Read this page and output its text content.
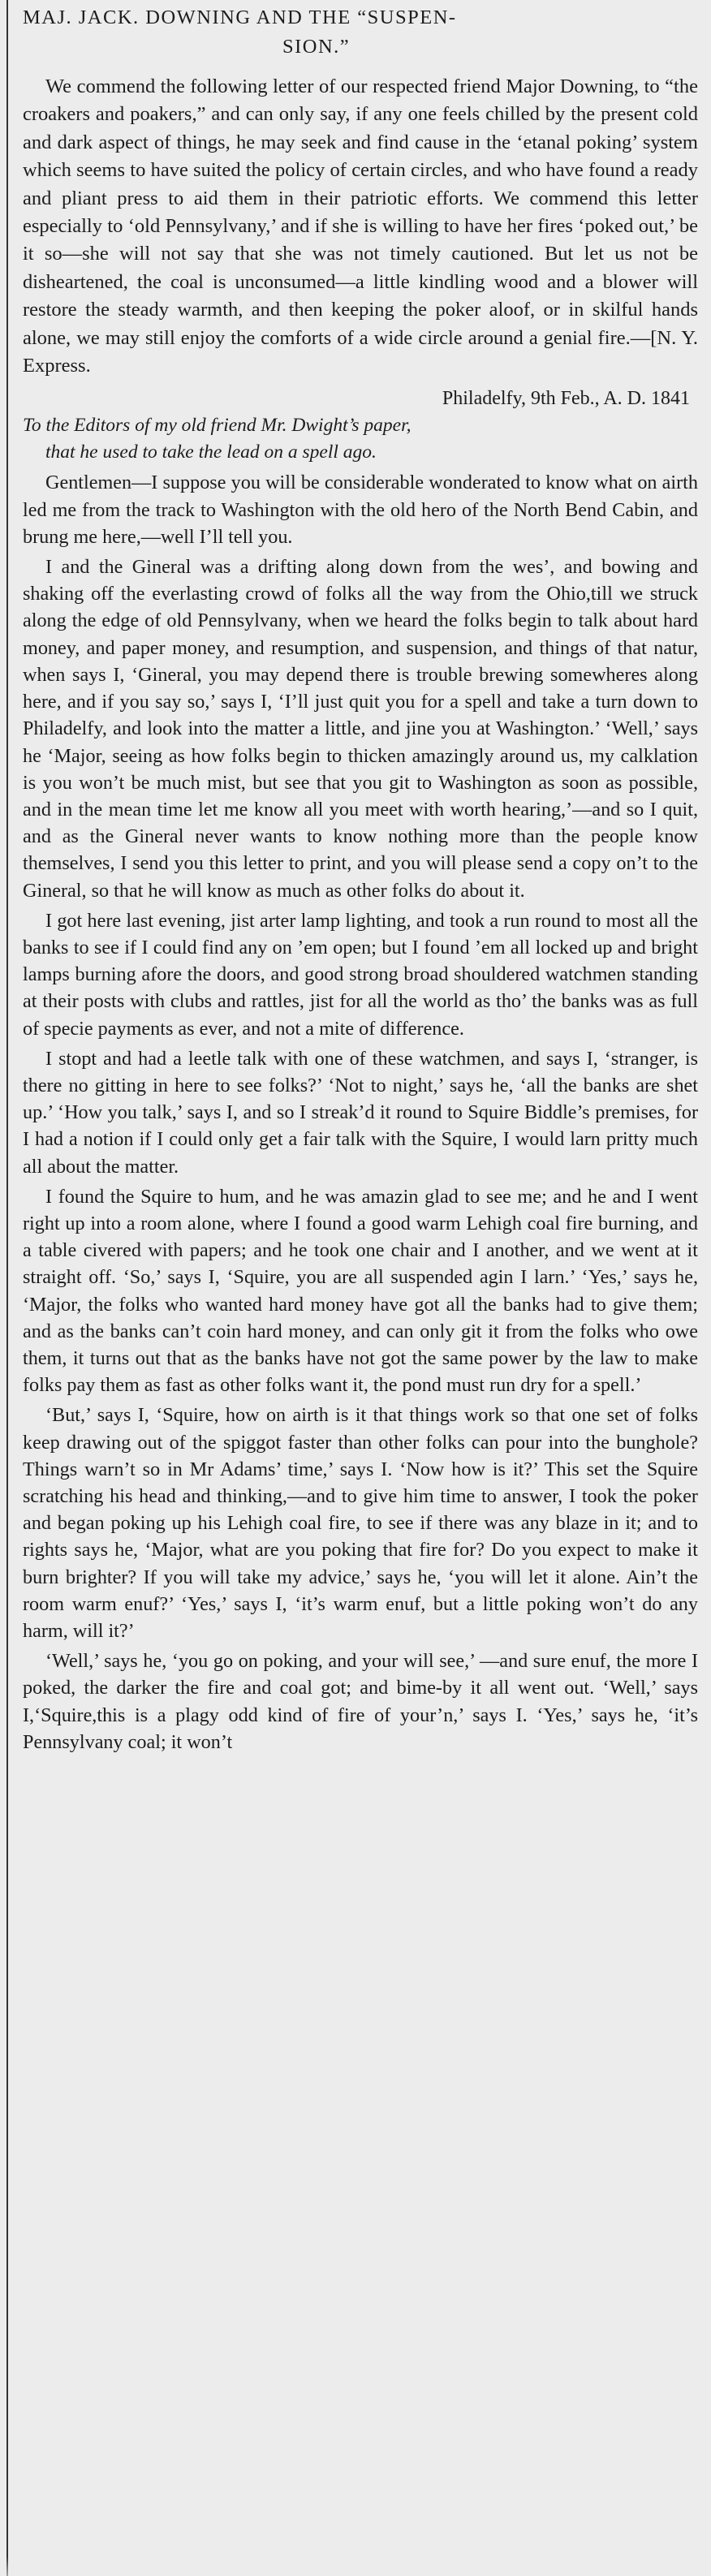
MAJ. JACK. DOWNING AND THE “SUSPEN-
SION.”

We commend the following letter of our respected friend Major Downing, to “the croakers and poakers,” and can only say, if any one feels chilled by the present cold and dark aspect of things, he may seek and find cause in the ‘etanal poking’ system which seems to have suited the policy of certain circles, and who have found a ready and pliant press to aid them in their patriotic efforts. We commend this letter especially to ‘old Pennsylvany,’ and if she is willing to have her fires ‘poked out,’ be it so—she will not say that she was not timely cautioned. But let us not be disheartened, the coal is unconsumed—a little kindling wood and a blower will restore the steady warmth, and then keeping the poker aloof, or in skilful hands alone, we may still enjoy the comforts of a wide circle around a genial fire.—[N. Y. Express.

Philadelfy, 9th Feb., A. D. 1841

To the Editors of my old friend Mr. Dwight’s paper,
that he used to take the lead on a spell ago.

Gentlemen—I suppose you will be considerable wonderated to know what on airth led me from the track to Washington with the old hero of the North Bend Cabin, and brung me here,—well I’ll tell you.

I and the Gineral was a drifting along down from the wes’, and bowing and shaking off the everlasting crowd of folks all the way from the Ohio,till we struck along the edge of old Pennsylvany, when we heard the folks begin to talk about hard money, and paper money, and resumption, and suspension, and things of that natur, when says I, ‘Gineral, you may depend there is trouble brewing somewheres along here, and if you say so,’ says I, ‘I’ll just quit you for a spell and take a turn down to Philadelfy, and look into the matter a little, and jine you at Washington.’ ‘Well,’ says he ‘Major, seeing as how folks begin to thicken amazingly around us, my calklation is you won’t be much mist, but see that you git to Washington as soon as possible, and in the mean time let me know all you meet with worth hearing,’—and so I quit, and as the Gineral never wants to know nothing more than the people know themselves, I send you this letter to print, and you will please send a copy on’t to the Gineral, so that he will know as much as other folks do about it.

I got here last evening, jist arter lamp lighting, and took a run round to most all the banks to see if I could find any on ’em open; but I found ’em all locked up and bright lamps burning afore the doors, and good strong broad shouldered watchmen standing at their posts with clubs and rattles, jist for all the world as tho’ the banks was as full of specie payments as ever, and not a mite of difference.

I stopt and had a leetle talk with one of these watchmen, and says I, ‘stranger, is there no gitting in here to see folks?’ ‘Not to night,’ says he, ‘all the banks are shet up.’ ‘How you talk,’ says I, and so I streak’d it round to Squire Biddle’s premises, for I had a notion if I could only get a fair talk with the Squire, I would larn pritty much all about the matter.

I found the Squire to hum, and he was amazin glad to see me; and he and I went right up into a room alone, where I found a good warm Lehigh coal fire burning, and a table civered with papers; and he took one chair and I another, and we went at it straight off. ‘So,’ says I, ‘Squire, you are all suspended agin I larn.’ ‘Yes,’ says he, ‘Major, the folks who wanted hard money have got all the banks had to give them; and as the banks can’t coin hard money, and can only git it from the folks who owe them, it turns out that as the banks have not got the same power by the law to make folks pay them as fast as other folks want it, the pond must run dry for a spell.’

‘But,’ says I, ‘Squire, how on airth is it that things work so that one set of folks keep drawing out of the spiggot faster than other folks can pour into the bunghole? Things warn’t so in Mr Adams’ time,’ says I. ‘Now how is it?’ This set the Squire scratching his head and thinking,—and to give him time to answer, I took the poker and began poking up his Lehigh coal fire, to see if there was any blaze in it; and to rights says he, ‘Major, what are you poking that fire for? Do you expect to make it burn brighter? If you will take my advice,’ says he, ‘you will let it alone. Ain’t the room warm enuf?’ ‘Yes,’ says I, ‘it’s warm enuf, but a little poking won’t do any harm, will it?’

‘Well,’ says he, ‘you go on poking, and your will see,’ —and sure enuf, the more I poked, the darker the fire and coal got; and bime-by it all went out. ‘Well,’ says I,‘Squire,this is a plagy odd kind of fire of your’n,’ says I. ‘Yes,’ says he, ‘it’s Pennsylvany coal; it won’t
